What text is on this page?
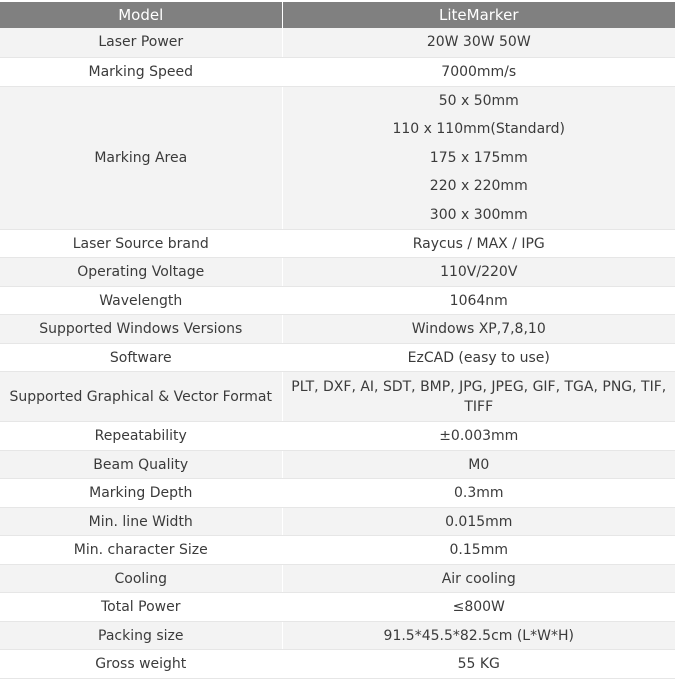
Model	LiteMarker
Laser Power	20W 30W 50W
Marking Speed	7000mm/s
Marking Area	50 x 50mm
110 x 110mm(Standard)
175 x 175mm
220 x 220mm
300 x 300mm

Laser Source brand	Raycus / MAX / IPG
Operating Voltage	110V/220V
Wavelength	1064nm
Supported Windows Versions	Windows XP,7,8,10
Software	EzCAD (easy to use)
Supported Graphical & Vector Format	PLT, DXF, AI, SDT, BMP, JPG, JPEG, GIF, TGA, PNG, TIF, TIFF
Repeatability	±0.003mm
Beam Quality	M0
Marking Depth	0.3mm
Min. line Width	0.015mm
Min. character Size	0.15mm
Cooling	Air cooling
Total Power	≤800W
Packing size	91.5*45.5*82.5cm (L*W*H)
Gross weight	55 KG
